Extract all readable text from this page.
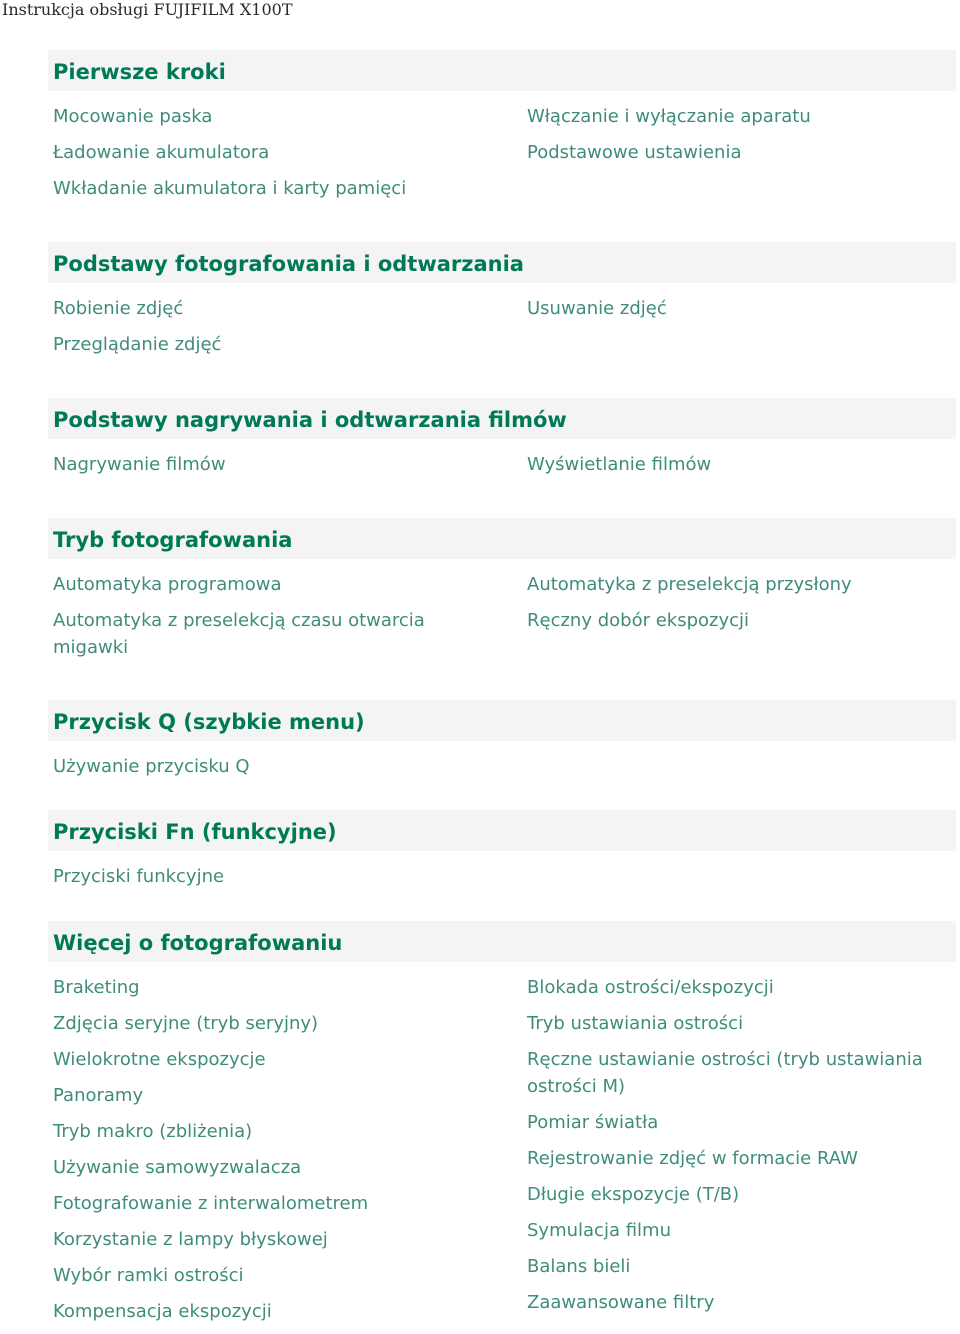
Instrukcja obsługi FUJIFILM X100T
Pierwsze kroki
Mocowanie paska
Ładowanie akumulatora
Wkładanie akumulatora i karty pamięci
Włączanie i wyłączanie aparatu
Podstawowe ustawienia
Podstawy fotografowania i odtwarzania
Robienie zdjęć
Przeglądanie zdjęć
Usuwanie zdjęć
Podstawy nagrywania i odtwarzania filmów
Nagrywanie filmów	Wyświetlanie filmów
Tryb fotografowania
Automatyka programowa
Automatyka z preselekcją czasu otwarcia migawki
Automatyka z preselekcją przysłony
Ręczny dobór ekspozycji
Przycisk Q (szybkie menu)
Używanie przycisku Q
Przyciski Fn (funkcyjne)
Przyciski funkcyjne
Więcej o fotografowaniu
Braketing
Zdjęcia seryjne (tryb seryjny)
Wielokrotne ekspozycje
Panoramy
Tryb makro (zbliżenia)
Używanie samowyzwalacza
Fotografowanie z interwalometrem
Korzystanie z lampy błyskowej
Wybór ramki ostrości
Kompensacja ekspozycji
Blokada ostrości/ekspozycji
Tryb ustawiania ostrości
Ręczne ustawianie ostrości (tryb ustawiania ostrości M)
Pomiar światła
Rejestrowanie zdjęć w formacie RAW
Długie ekspozycje (T/B)
Symulacja filmu
Balans bieli
Zaawansowane filtry
